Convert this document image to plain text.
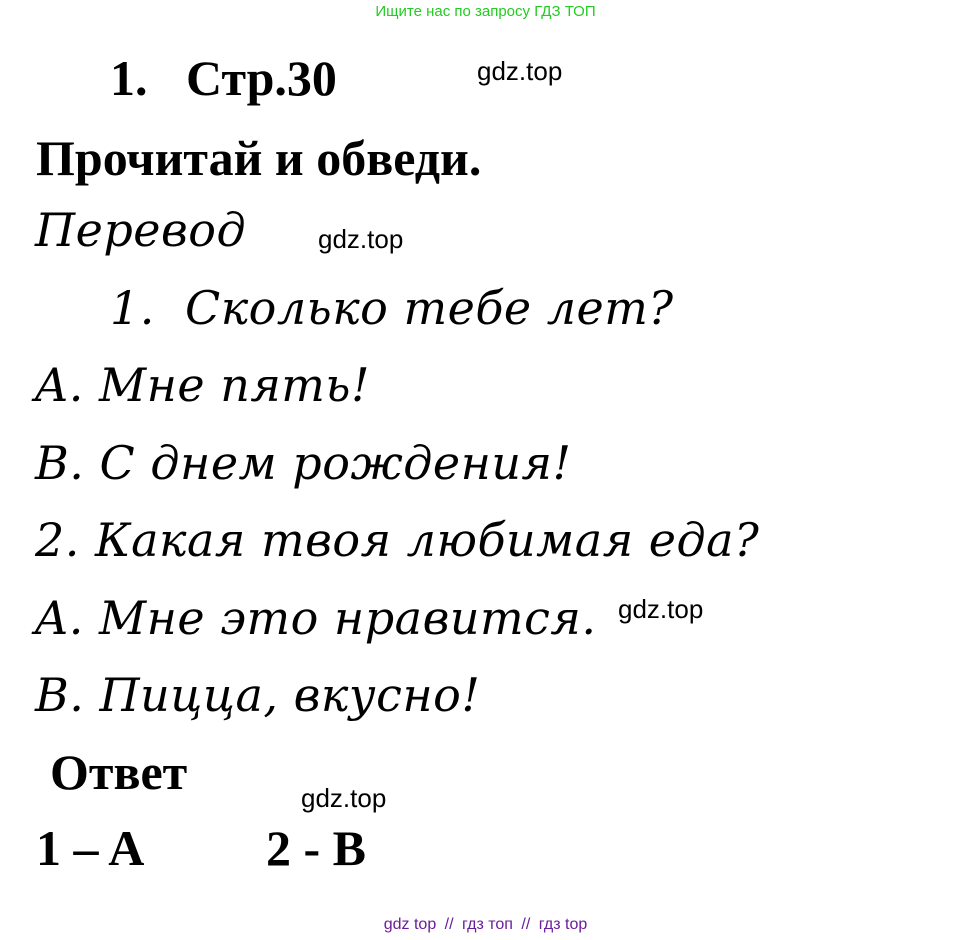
Ищите нас по запросу ГДЗ ТОП
1. Стр.30	gdz.top
Прочитай и обведи.
Перевод	gdz.top
1. Сколько тебе лет?
A. Мне пять!
B. С днем рождения!
2. Какая твоя любимая еда?
A. Мне это нравится. gdz.top
B. Пицца, вкусно!
Ответ	gdz.top
1 – A 2 - B
gdz top // гдз топ // гдз top
